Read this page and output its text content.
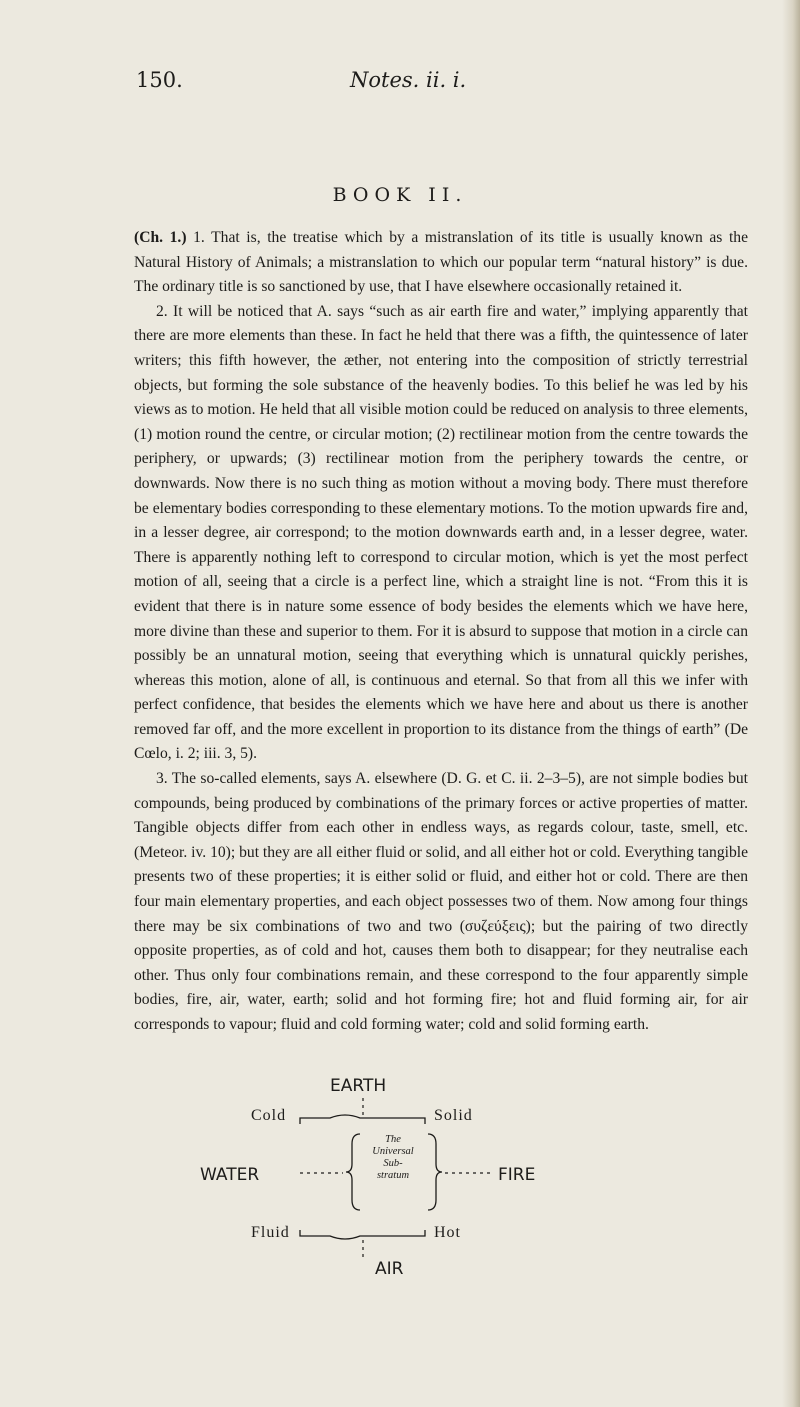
150.	Notes. ii. i.
BOOK II.

(Ch. 1.) 1. That is, the treatise which by a mistranslation of its title is usually known as the Natural History of Animals; a mistranslation to which our popular term “natural history” is due. The ordinary title is so sanctioned by use, that I have elsewhere occasionally retained it.

2. It will be noticed that A. says “such as air earth fire and water,” implying apparently that there are more elements than these. In fact he held that there was a fifth, the quintessence of later writers; this fifth however, the æther, not entering into the composition of strictly terrestrial objects, but forming the sole substance of the heavenly bodies. To this belief he was led by his views as to motion. He held that all visible motion could be reduced on analysis to three elements, (1) motion round the centre, or circular motion; (2) rectilinear motion from the centre towards the periphery, or upwards; (3) rectilinear motion from the periphery towards the centre, or downwards. Now there is no such thing as motion without a moving body. There must therefore be elementary bodies corresponding to these elementary motions. To the motion upwards fire and, in a lesser degree, air correspond; to the motion downwards earth and, in a lesser degree, water. There is apparently nothing left to correspond to circular motion, which is yet the most perfect motion of all, seeing that a circle is a perfect line, which a straight line is not. “From this it is evident that there is in nature some essence of body besides the elements which we have here, more divine than these and superior to them. For it is absurd to suppose that motion in a circle can possibly be an unnatural motion, seeing that everything which is unnatural quickly perishes, whereas this motion, alone of all, is continuous and eternal. So that from all this we infer with perfect confidence, that besides the elements which we have here and about us there is another removed far off, and the more excellent in proportion to its distance from the things of earth” (De Cœlo, i. 2; iii. 3, 5).

3. The so-called elements, says A. elsewhere (D. G. et C. ii. 2–3–5), are not simple bodies but compounds, being produced by combinations of the primary forces or active properties of matter. Tangible objects differ from each other in endless ways, as regards colour, taste, smell, etc. (Meteor. iv. 10); but they are all either fluid or solid, and all either hot or cold. Everything tangible presents two of these properties; it is either solid or fluid, and either hot or cold. There are then four main elementary properties, and each object possesses two of them. Now among four things there may be six combinations of two and two (συζεύξεις); but the pairing of two directly opposite properties, as of cold and hot, causes them both to disappear; for they neutralise each other. Thus only four combinations remain, and these correspond to the four apparently simple bodies, fire, air, water, earth; solid and hot forming fire; hot and fluid forming air, for air corresponds to vapour; fluid and cold forming water; cold and solid forming earth.

EARTH
Cold	Solid
WATER	FIRE
The
Universal
Sub-
stratum
Fluid	Hot
AIR
